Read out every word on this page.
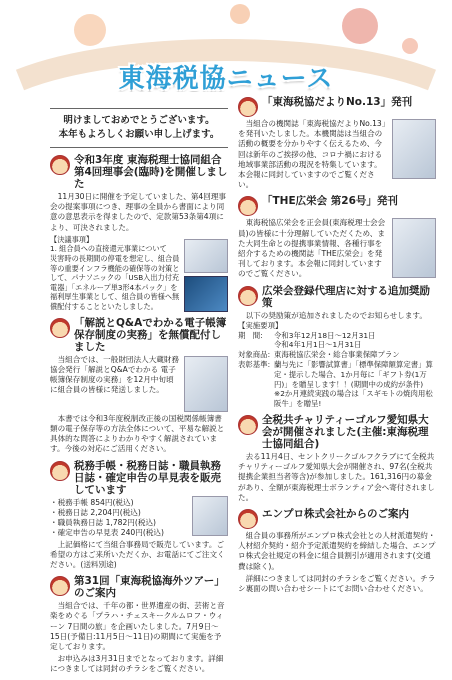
東海税協ニュース
明けましておめでとうございます。
本年もよろしくお願い申し上げます。
令和3年度 東海税理士協同組合第4回理事会(臨時)を開催しました
11月30日に開催を予定していました、第4回理事会の提案事項につき、理事の全員から書面により同意の意思表示を得ましたので、定款第53条第4項により、可決されました。
【決議事項】
1. 組合員への直接還元事業について　災害時の長期間の停電を想定し、組合員等の重要インフラ機能の確保等の対策として、パナソニックの「USB入出力付充電器」「エネループ単3形4本パック」を福利厚生事業として、組合員の皆様へ無償配付することといたしました。
「解説とQ&Aでわかる電子帳簿保存制度の実務」を無償配付しました
当組合では、一般財団法人大蔵財務協会発行「解説とQ&Aでわかる 電子帳簿保存制度の実務」を12月中旬頃に組合員の皆様に発送しました。
本書では令和3年度税制改正後の国税関係帳簿書類の電子保存等の方法全体について、平易な解説と具体的な問答によりわかりやすく解説されています。今後の対応にご活用ください。
税務手帳・税務日誌・職員執務日誌・確定申告の早見表を販売しています
・税務手帳 854円(税込)
・税務日誌 2,204円(税込)
・職員執務日誌 1,782円(税込)
・確定申告の早見表 240円(税込)
上記価格にて当組合事務局で販売しています。ご希望の方はご来所いただくか、お電話にてご注文ください。(送料別途)
第31回「東海税協海外ツアー」のご案内
当組合では、千年の都・世界遺産の街、芸術と音楽をめぐる「プラハ・チェスキークルムロフ・ウィーン 7日間の旅」を企画いたしました。7月9日～15日(予備日:11月5日～11日)の期間にて実施を予定しております。
お申込みは3月31日までとなっております。詳細につきましては同封のチラシをご覧ください。
「東海税協だよりNo.13」発刊
当組合の機関誌「東海税協だよりNo.13」を発刊いたしました。本機関誌は当組合の活動の概要を分かりやすく伝えるため、今回は新年のご挨拶の他、コロナ禍における地域事業部活動の現況を特集しています。本会報に同封していますのでご覧ください。
「THE広栄会 第26号」発刊
東海税協広栄会を正会員(東海税理士会会員)の皆様に十分理解していただくため、また大同生命との提携事業情報、各種行事を紹介するための機関誌「THE広栄会」を発刊しております。本会報に同封していますのでご覧ください。
広栄会登録代理店に対する追加奨励策
以下の奨励策が追加されましたのでお知らせします。
【実施要項】
期　間:	令和3年12月18日～12月31日
令和4年1月1日～1月31日
対象商品: 東海税協広栄会・総合事業保障プラン
表彰基準: 蘭与先に「影響試算書」「標準保障額算定書」算定・提示した場合、1か月毎に「ギフト券(1万円)」を贈呈します！！(期間中の成約が条件)
※2か月連続実践の場合は「スギモトの焼肉用松阪牛」を贈呈!
全税共チャリティーゴルフ愛知県大会が開催されました(主催:東海税理士協同組合)
去る11月4日、セントクリークゴルフクラブにて全税共チャリティーゴルフ愛知県大会が開催され、97名(全税共提携企業担当者等含)が参加しました。161,316円の募金があり、全額が東海税理士ボランティア会へ寄付されました。
エンプロ株式会社からのご案内
組合員の事務所がエンプロ株式会社との人材派遣契約・人材紹介契約・紹介予定派遣契約を締結した場合、エンプロ株式会社規定の料金に組合員割引が適用されます(交通費は除く)。
詳細につきましては同封のチラシをご覧ください。チラシ裏面の問い合わせシートにてお問い合わせください。
